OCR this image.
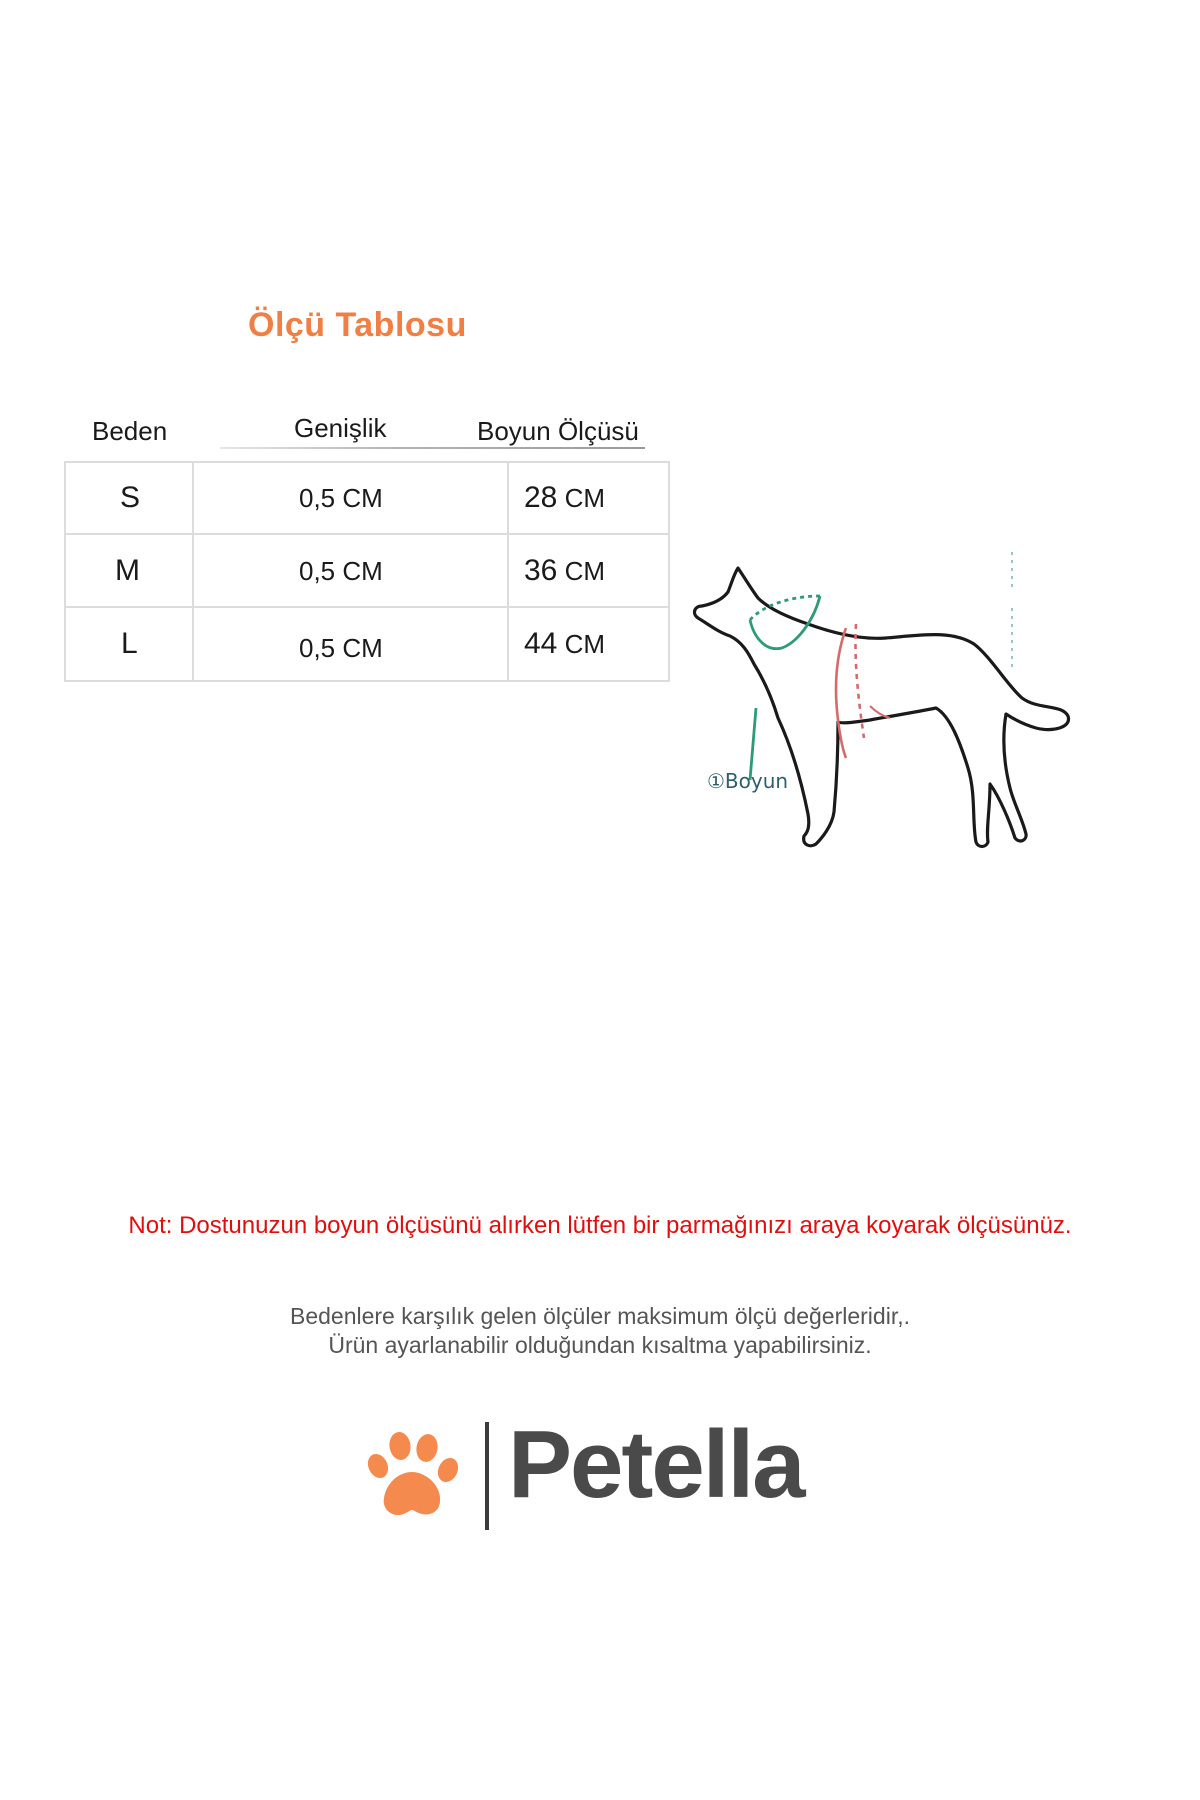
Ölçü Tablosu
Beden	Genişlik	Boyun Ölçüsü
S	0,5 CM	28 CM
M	0,5 CM	36 CM
L	0,5 CM	44 CM
①Boyun
Not: Dostunuzun boyun ölçüsünü alırken lütfen bir parmağınızı araya koyarak ölçüsünüz.
Bedenlere karşılık gelen ölçüler maksimum ölçü değerleridir,.
Ürün ayarlanabilir olduğundan kısaltma yapabilirsiniz.
Petella
